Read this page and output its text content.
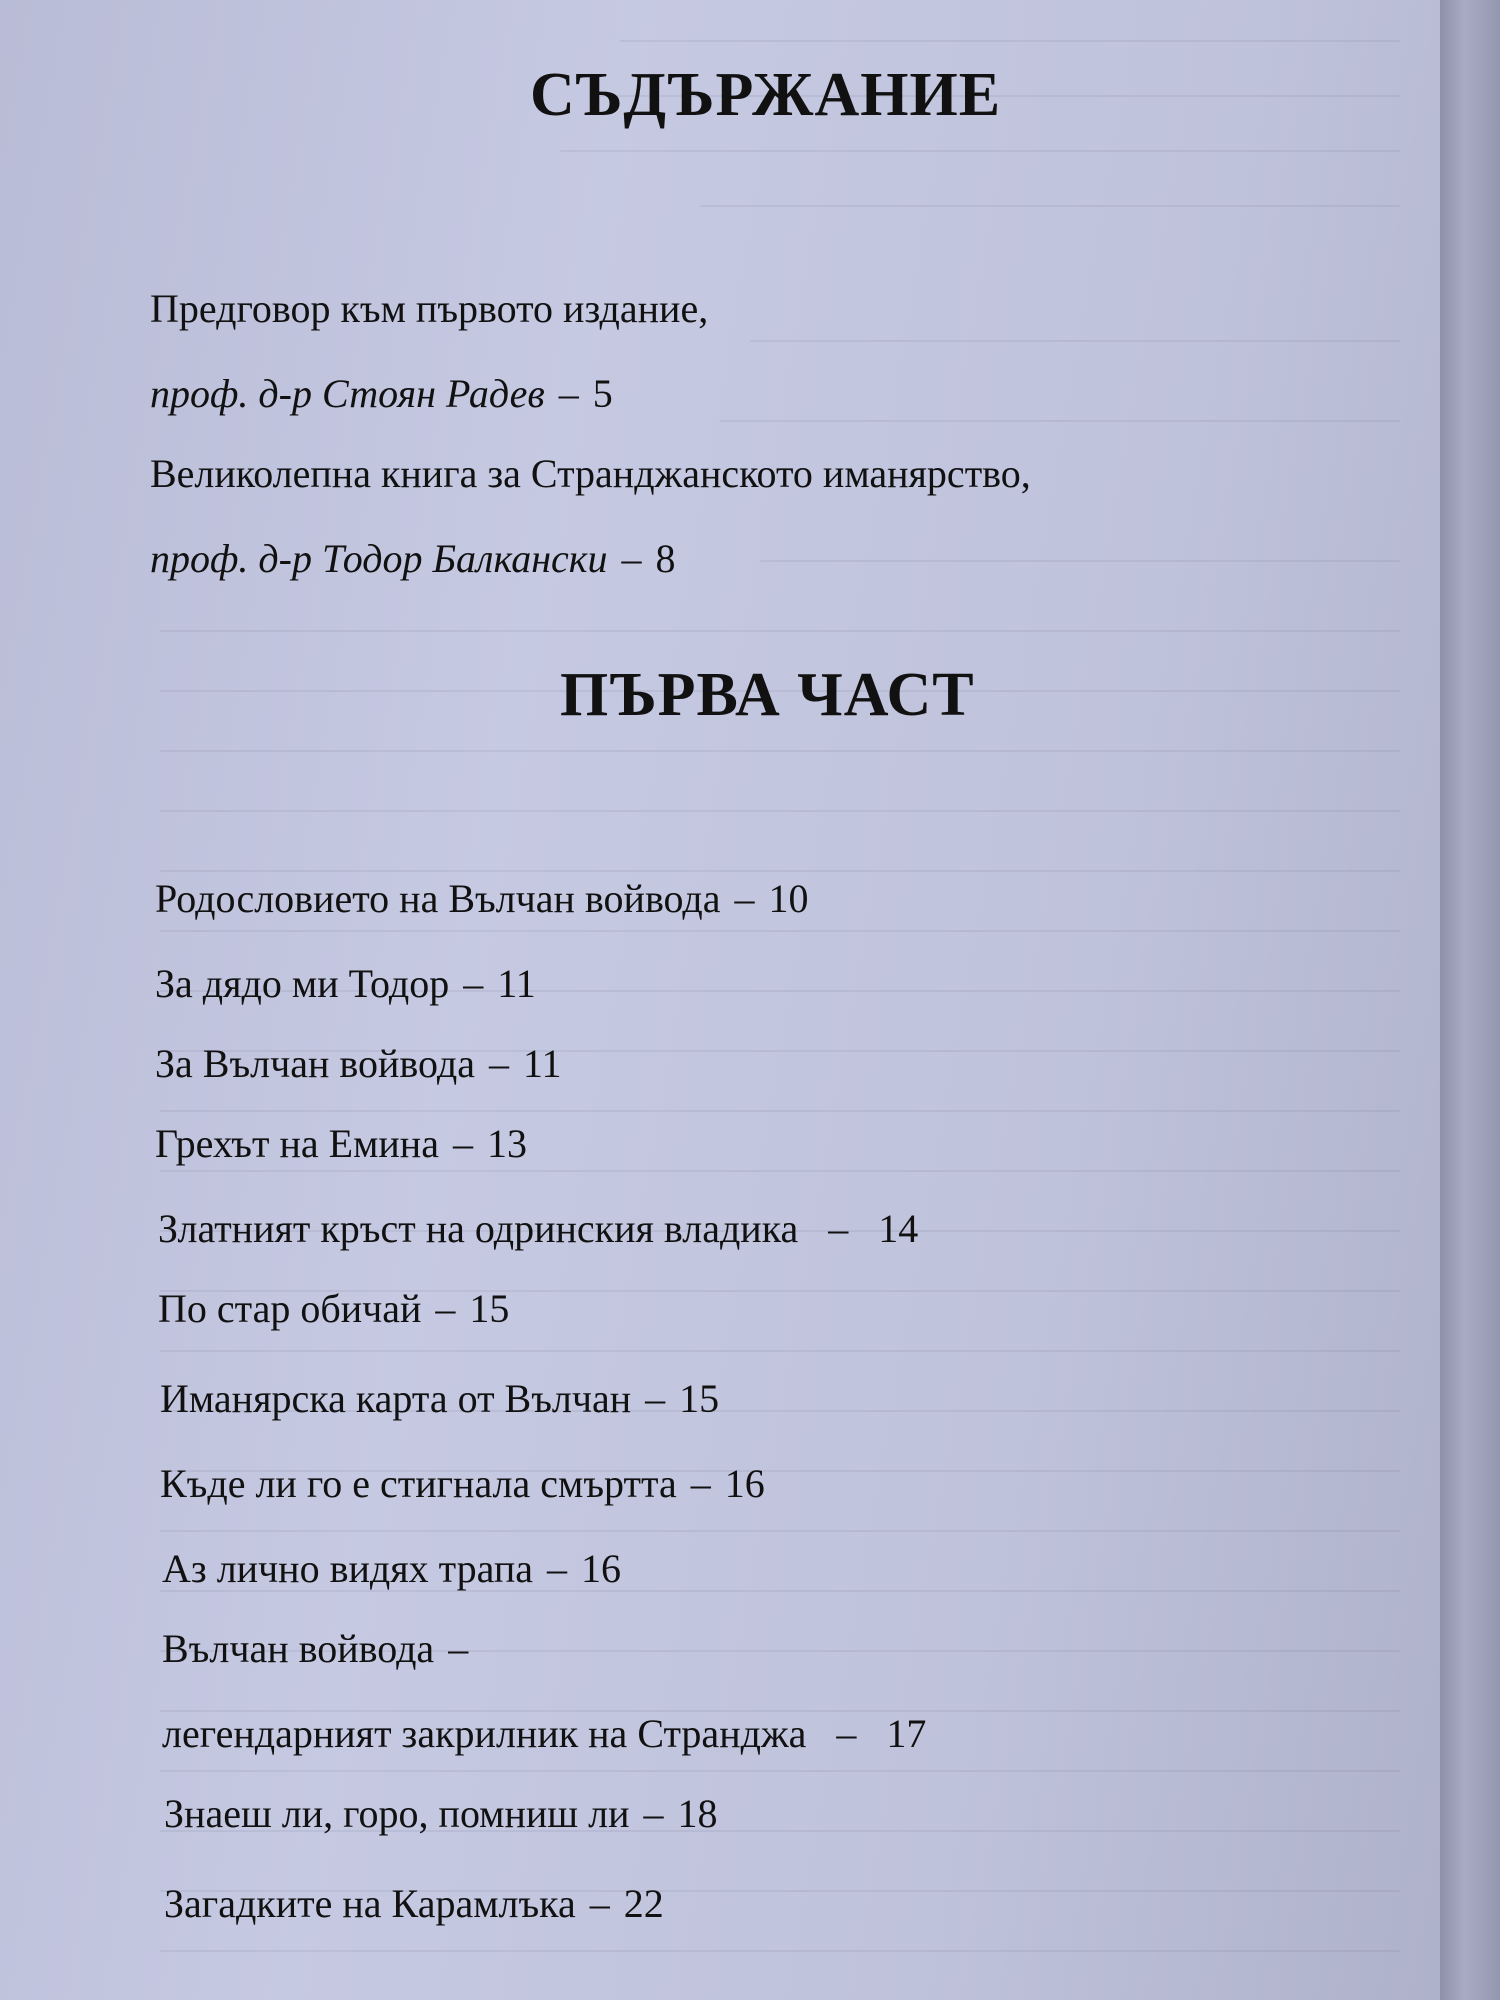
СЪДЪРЖАНИЕ
Предговор към първото издание,
проф. д-р Стоян Радев – 5
Великолепна книга за Странджанското иманярство,
проф. д-р Тодор Балкански – 8
ПЪРВА ЧАСТ
Родословието на Вълчан войвода – 10
За дядо ми Тодор – 11
За Вълчан войвода – 11
Грехът на Емина – 13
Златният кръст на одринския владика – 14
По стар обичай – 15
Иманярска карта от Вълчан – 15
Къде ли го е стигнала смъртта – 16
Аз лично видях трапа – 16
Вълчан войвода –
легендарният закрилник на Странджа – 17
Знаеш ли, горо, помниш ли – 18
Загадките на Карамлъка – 22
